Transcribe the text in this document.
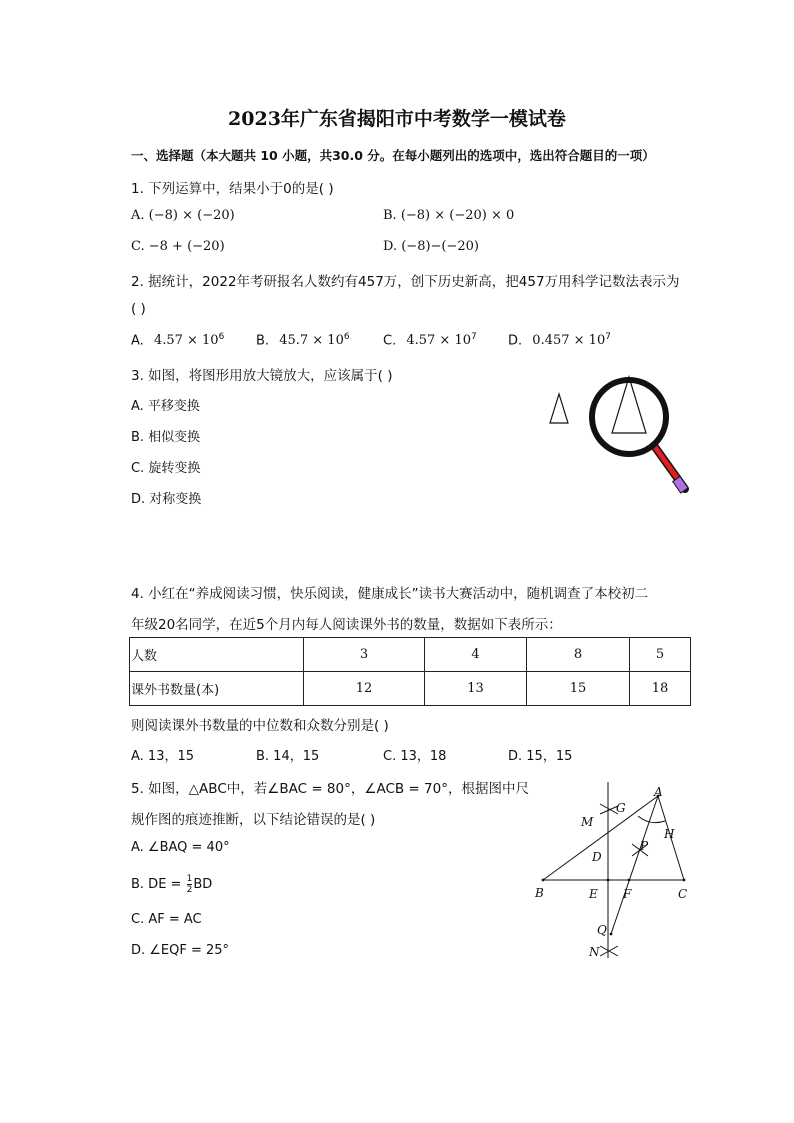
2023年广东省揭阳市中考数学一模试卷
一、选择题（本大题共 10 小题，共30.0 分。在每小题列出的选项中，选出符合题目的一项）
1. 下列运算中，结果小于0的是( )
A. (−8) × (−20)	B. (−8) × (−20) × 0
C. −8 + (−20)	D. (−8)−(−20)
2. 据统计，2022年考研报名人数约有457万，创下历史新高，把457万用科学记数法表示为
( )
A. $4.57 \times 10^6$ B. $45.7 \times 10^6$	C. $4.57 \times 10^7$ D. $0.457 \times 10^7$
3. 如图，将图形用放大镜放大，应该属于( )
A. 平移变换
B. 相似变换
C. 旋转变换
D. 对称变换
4. 小红在“养成阅读习惯，快乐阅读，健康成长”读书大赛活动中，随机调查了本校初二
年级20名同学，在近5个月内每人阅读课外书的数量，数据如下表所示：
人数	3	4	8	5
课外书数量(本)	12	13	15	18
则阅读课外书数量的中位数和众数分别是( )
A. 13，15	B. 14，15	C. 13，18	D. 15，15
5. 如图，△ABC中，若∠BAC = 80°，∠ACB = 70°，根据图中尺
规作图的痕迹推断，以下结论错误的是( )
A. ∠BAQ = 40°
B. DE = $\frac{1}{2}$ BD
C. AF = AC
D. ∠EQF = 25°
A
B	C
D
E F
G
H
M
N
P
Q
